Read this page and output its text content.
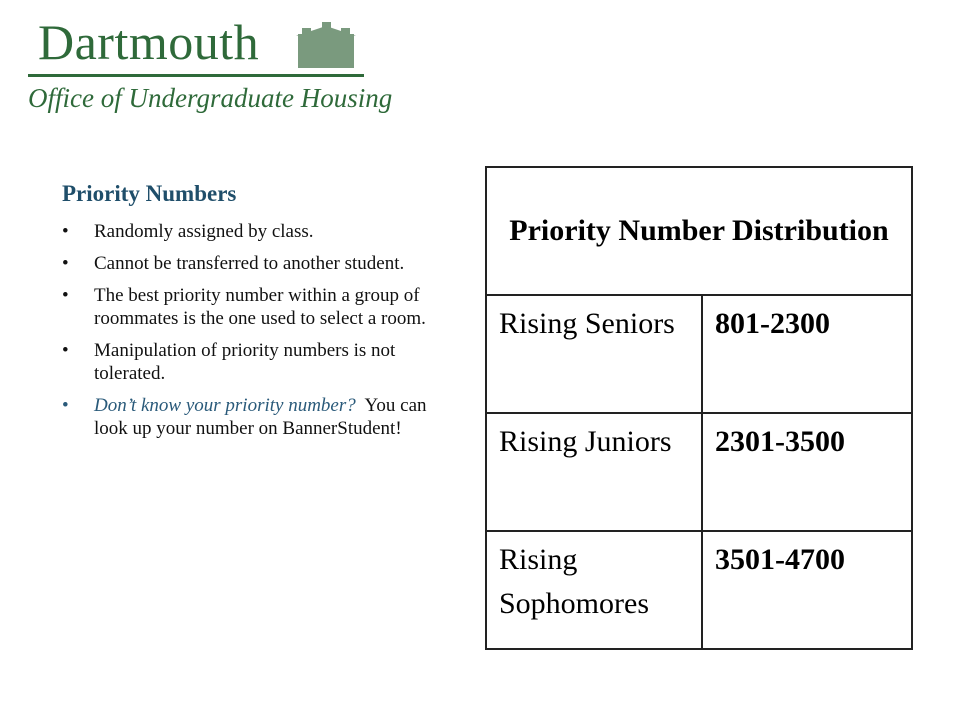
Dartmouth
Office of Undergraduate Housing
Priority Numbers
• Randomly assigned by class.
• Cannot be transferred to another student.
• The best priority number within a group of roommates is the one used to select a room.
• Manipulation of priority numbers is not tolerated.
• Don’t know your priority number?  You can look up your number on BannerStudent!
Priority Number Distribution	
Rising Seniors	801-2300
Rising Juniors	2301-3500
Rising Sophomores	3501-4700
